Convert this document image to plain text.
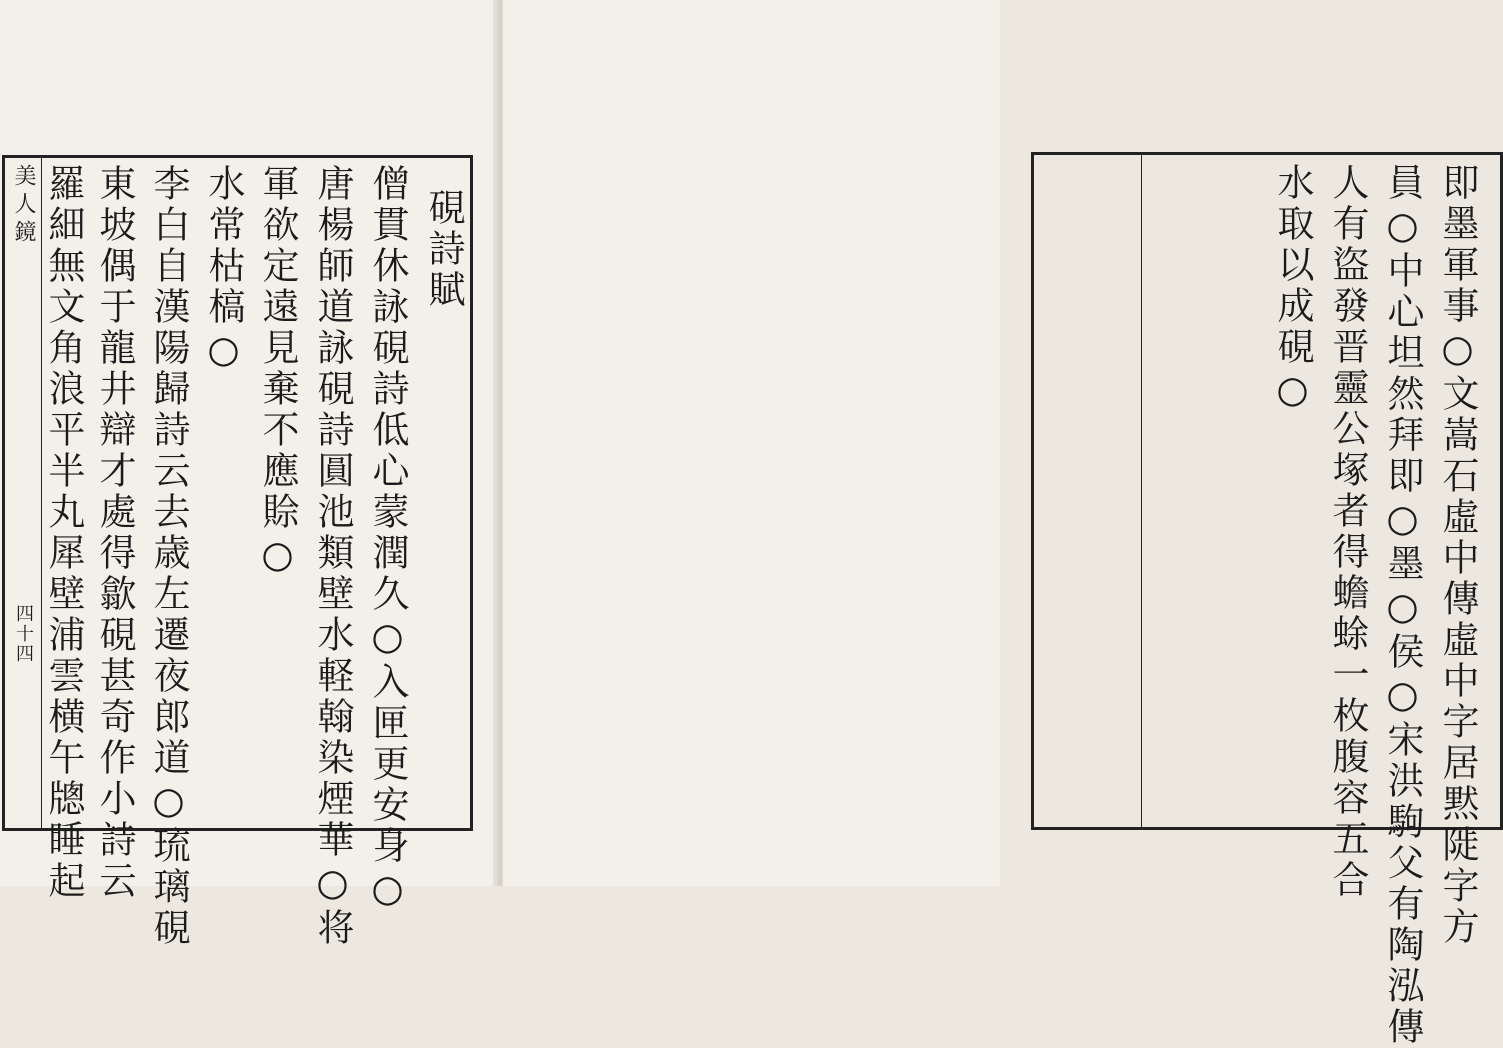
美人鏡
四十四
硯詩賦
僧貫休詠硯詩低心蒙潤久○入匣更安身○
唐楊師道詠硯詩圓池類壁水軽翰染煙華○将
軍欲定遠見棄不應賒○
水常枯槁○
李白自漢陽歸詩云去歳左遷夜郎道○琉璃硯
東坡偶于龍井辯才處得歙硯甚奇作小詩云
羅細無文角浪平半丸犀壁浦雲横午牕睡起	即墨軍事○文嵩石虛中傳虛中字居黙𨺗字方
員○中心坦然拜即○墨○侯○宋洪駒父有陶泓傳
人有盜發晋靈公塚者得蟾蜍一枚腹容五合
水取以成硯○
